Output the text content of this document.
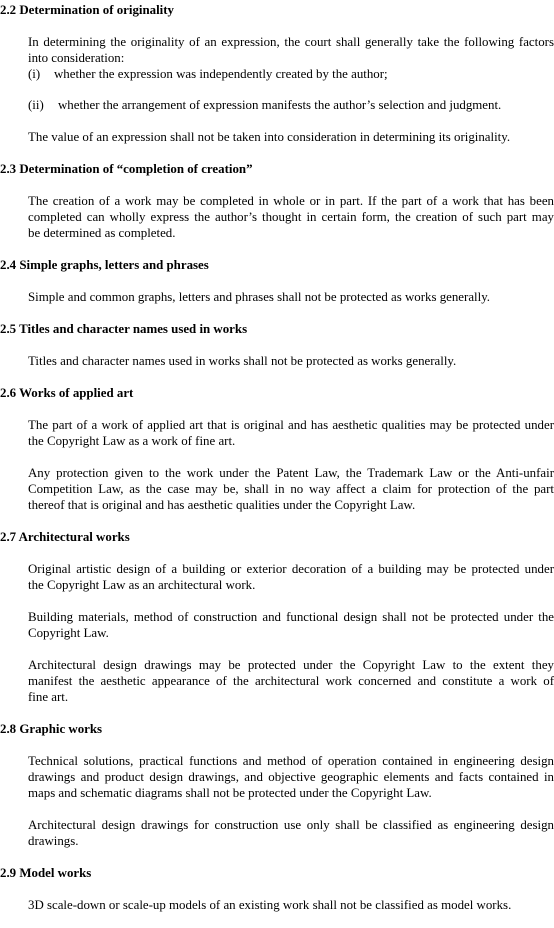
2.2 Determination of originality
In determining the originality of an expression, the court shall generally take the following factors
into consideration:
(i) whether the expression was independently created by the author;
(ii) whether the arrangement of expression manifests the author’s selection and judgment.
The value of an expression shall not be taken into consideration in determining its originality.
2.3 Determination of “completion of creation”
The creation of a work may be completed in whole or in part. If the part of a work that has been
completed can wholly express the author’s thought in certain form, the creation of such part may
be determined as completed.
2.4 Simple graphs, letters and phrases
Simple and common graphs, letters and phrases shall not be protected as works generally.
2.5 Titles and character names used in works
Titles and character names used in works shall not be protected as works generally.
2.6 Works of applied art
The part of a work of applied art that is original and has aesthetic qualities may be protected under
the Copyright Law as a work of fine art.
Any protection given to the work under the Patent Law, the Trademark Law or the Anti-unfair
Competition Law, as the case may be, shall in no way affect a claim for protection of the part
thereof that is original and has aesthetic qualities under the Copyright Law.
2.7 Architectural works
Original artistic design of a building or exterior decoration of a building may be protected under
the Copyright Law as an architectural work.
Building materials, method of construction and functional design shall not be protected under the
Copyright Law.
Architectural design drawings may be protected under the Copyright Law to the extent they
manifest the aesthetic appearance of the architectural work concerned and constitute a work of
fine art.
2.8 Graphic works
Technical solutions, practical functions and method of operation contained in engineering design
drawings and product design drawings, and objective geographic elements and facts contained in
maps and schematic diagrams shall not be protected under the Copyright Law.
Architectural design drawings for construction use only shall be classified as engineering design
drawings.
2.9 Model works
3D scale-down or scale-up models of an existing work shall not be classified as model works.
